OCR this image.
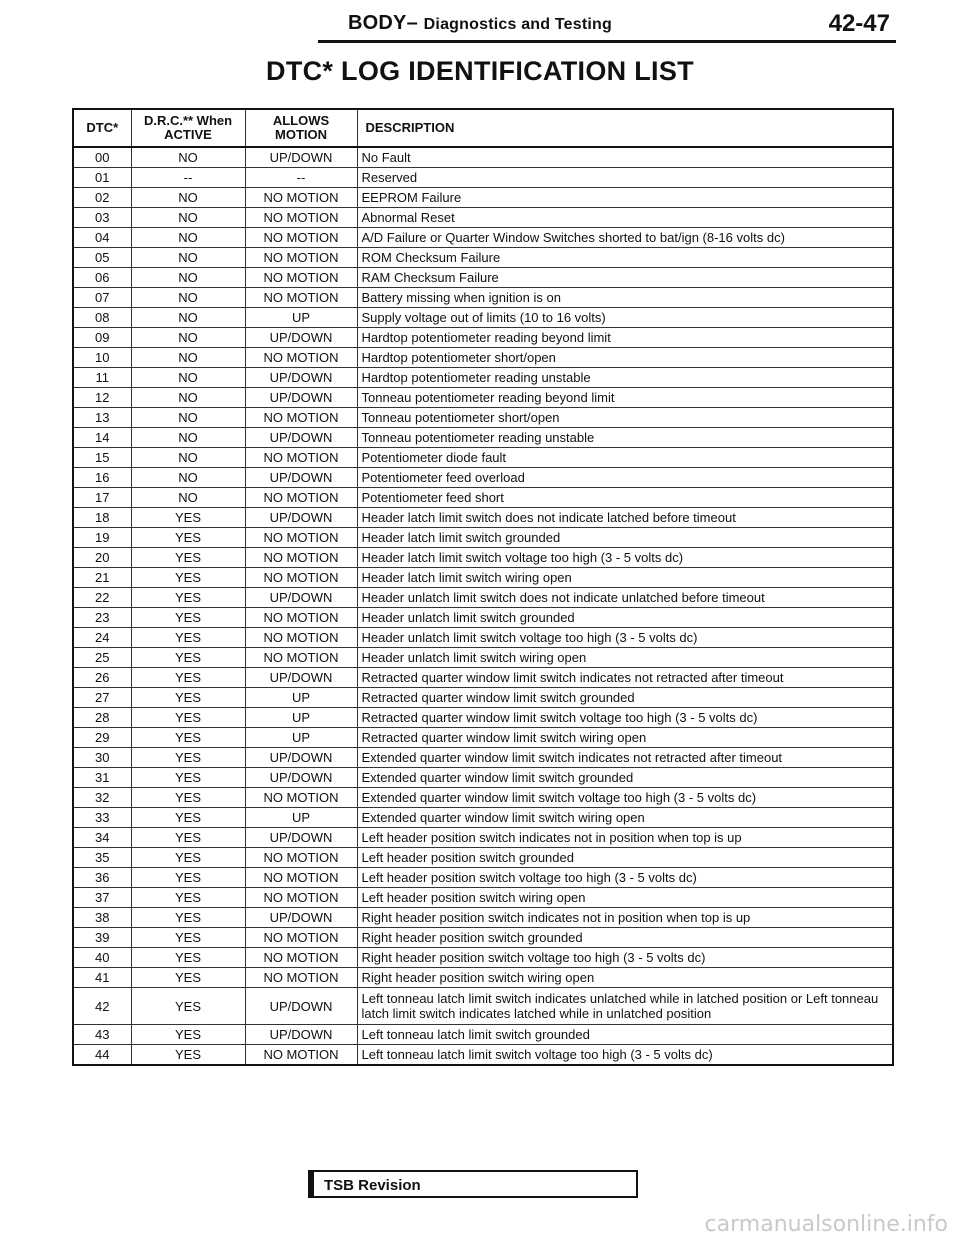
BODY– Diagnostics and Testing	42-47
DTC* LOG IDENTIFICATION LIST
DTC*	D.R.C.** When ACTIVE	ALLOWS MOTION	DESCRIPTION
00	NO	UP/DOWN	No Fault
01	--	--	Reserved
02	NO	NO MOTION	EEPROM Failure
03	NO	NO MOTION	Abnormal Reset
04	NO	NO MOTION	A/D Failure or Quarter Window Switches shorted to bat/ign (8-16 volts dc)
05	NO	NO MOTION	ROM Checksum Failure
06	NO	NO MOTION	RAM Checksum Failure
07	NO	NO MOTION	Battery missing when ignition is on
08	NO	UP	Supply voltage out of limits (10 to 16 volts)
09	NO	UP/DOWN	Hardtop potentiometer reading beyond limit
10	NO	NO MOTION	Hardtop potentiometer short/open
11	NO	UP/DOWN	Hardtop potentiometer reading unstable
12	NO	UP/DOWN	Tonneau potentiometer reading beyond limit
13	NO	NO MOTION	Tonneau potentiometer short/open
14	NO	UP/DOWN	Tonneau potentiometer reading unstable
15	NO	NO MOTION	Potentiometer diode fault
16	NO	UP/DOWN	Potentiometer feed overload
17	NO	NO MOTION	Potentiometer feed short
18	YES	UP/DOWN	Header latch limit switch does not indicate latched before timeout
19	YES	NO MOTION	Header latch limit switch grounded
20	YES	NO MOTION	Header latch limit switch voltage too high (3 - 5 volts dc)
21	YES	NO MOTION	Header latch limit switch wiring open
22	YES	UP/DOWN	Header unlatch limit switch does not indicate unlatched before timeout
23	YES	NO MOTION	Header unlatch limit switch grounded
24	YES	NO MOTION	Header unlatch limit switch voltage too high (3 - 5 volts dc)
25	YES	NO MOTION	Header unlatch limit switch wiring open
26	YES	UP/DOWN	Retracted quarter window limit switch indicates not retracted after timeout
27	YES	UP	Retracted quarter window limit switch grounded
28	YES	UP	Retracted quarter window limit switch voltage too high (3 - 5 volts dc)
29	YES	UP	Retracted quarter window limit switch wiring open
30	YES	UP/DOWN	Extended quarter window limit switch indicates not retracted after timeout
31	YES	UP/DOWN	Extended quarter window limit switch grounded
32	YES	NO MOTION	Extended quarter window limit switch voltage too high (3 - 5 volts dc)
33	YES	UP	Extended quarter window limit switch wiring open
34	YES	UP/DOWN	Left header position switch indicates not in position when top is up
35	YES	NO MOTION	Left header position switch grounded
36	YES	NO MOTION	Left header position switch voltage too high (3 - 5 volts dc)
37	YES	NO MOTION	Left header position switch wiring open
38	YES	UP/DOWN	Right header position switch indicates not in position when top is up
39	YES	NO MOTION	Right header position switch grounded
40	YES	NO MOTION	Right header position switch voltage too high (3 - 5 volts dc)
41	YES	NO MOTION	Right header position switch wiring open
42	YES	UP/DOWN	Left tonneau latch limit switch indicates unlatched while in latched position or Left tonneau latch limit switch indicates latched while in unlatched position
43	YES	UP/DOWN	Left tonneau latch limit switch grounded
44	YES	NO MOTION	Left tonneau latch limit switch voltage too high (3 - 5 volts dc)
TSB Revision
carmanualsonline.info
